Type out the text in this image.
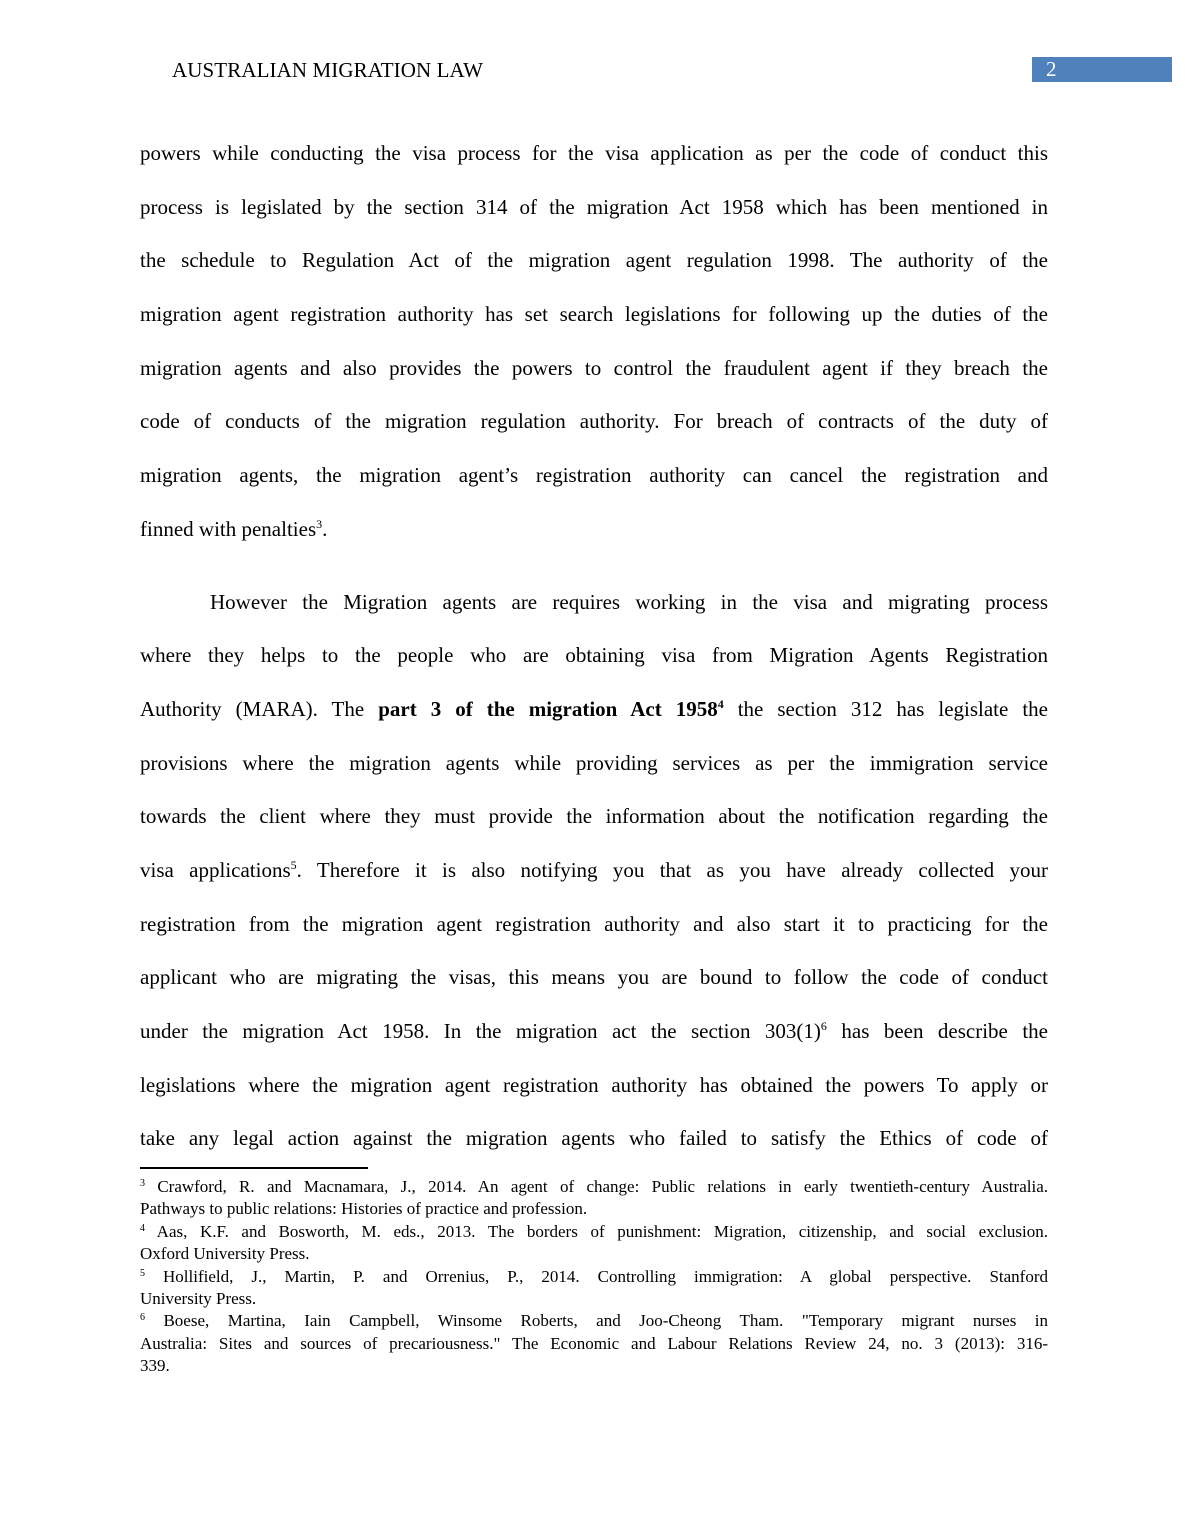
AUSTRALIAN MIGRATION LAW	2
powers while conducting the visa process for the visa application as per the code of conduct this
process is legislated by the section 314 of the migration Act 1958 which has been mentioned in
the schedule to Regulation Act of the migration agent regulation 1998. The authority of the
migration agent registration authority has set search legislations for following up the duties of the
migration agents and also provides the powers to control the fraudulent agent if they breach the
code of conducts of the migration regulation authority. For breach of contracts of the duty of
migration agents, the migration agent’s registration authority can cancel the registration and
finned with penalties$^3$.
However the Migration agents are requires working in the visa and migrating process
where they helps to the people who are obtaining visa from Migration Agents Registration
Authority (MARA). The part 3 of the migration Act 1958$^4$ the section 312 has legislate the
provisions where the migration agents while providing services as per the immigration service
towards the client where they must provide the information about the notification regarding the
visa applications$^5$. Therefore it is also notifying you that as you have already collected your
registration from the migration agent registration authority and also start it to practicing for the
applicant who are migrating the visas, this means you are bound to follow the code of conduct
under the migration Act 1958. In the migration act the section $303(1)^6$ has been describe the
legislations where the migration agent registration authority has obtained the powers To apply or
take any legal action against the migration agents who failed to satisfy the Ethics of code of
$^3$ Crawford, R. and Macnamara, J., 2014. An agent of change: Public relations in early twentieth-century Australia.
Pathways to public relations: Histories of practice and profession.
$^4$ Aas, K.F. and Bosworth, M. eds., 2013. The borders of punishment: Migration, citizenship, and social exclusion.
Oxford University Press.
$^5$ Hollifield, J., Martin, P. and Orrenius, P., 2014. Controlling immigration: A global perspective. Stanford
University Press.
$^6$ Boese, Martina, Iain Campbell, Winsome Roberts, and Joo-Cheong Tham. "Temporary migrant nurses in
Australia: Sites and sources of precariousness." The Economic and Labour Relations Review 24, no. 3 (2013): 316-
339.
